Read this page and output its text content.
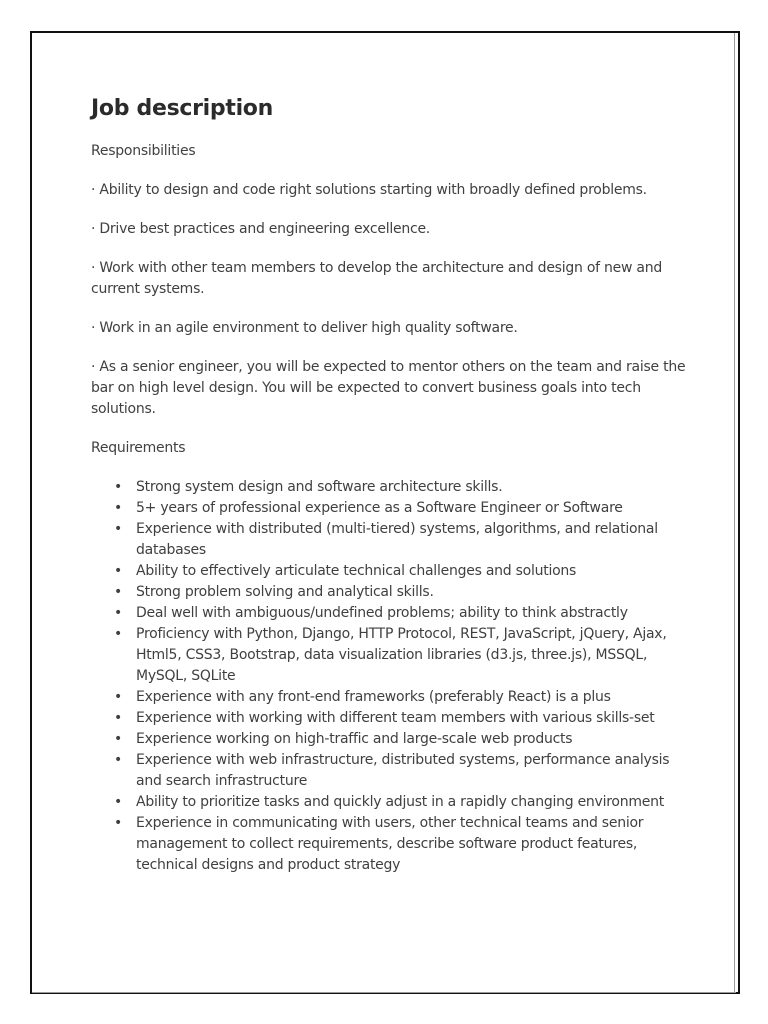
Job description

Responsibilities

· Ability to design and code right solutions starting with broadly defined problems.

· Drive best practices and engineering excellence.

· Work with other team members to develop the architecture and design of new and current systems.

· Work in an agile environment to deliver high quality software.

· As a senior engineer, you will be expected to mentor others on the team and raise the bar on high level design. You will be expected to convert business goals into tech solutions.

Requirements

• Strong system design and software architecture skills.
• 5+ years of professional experience as a Software Engineer or Software
• Experience with distributed (multi-tiered) systems, algorithms, and relational databases
• Ability to effectively articulate technical challenges and solutions
• Strong problem solving and analytical skills.
• Deal well with ambiguous/undefined problems; ability to think abstractly
• Proficiency with Python, Django, HTTP Protocol, REST, JavaScript, jQuery, Ajax, Html5, CSS3, Bootstrap, data visualization libraries (d3.js, three.js), MSSQL, MySQL, SQLite
• Experience with any front-end frameworks (preferably React) is a plus
• Experience with working with different team members with various skills-set
• Experience working on high-traffic and large-scale web products
• Experience with web infrastructure, distributed systems, performance analysis and search infrastructure
• Ability to prioritize tasks and quickly adjust in a rapidly changing environment
• Experience in communicating with users, other technical teams and senior management to collect requirements, describe software product features, technical designs and product strategy
